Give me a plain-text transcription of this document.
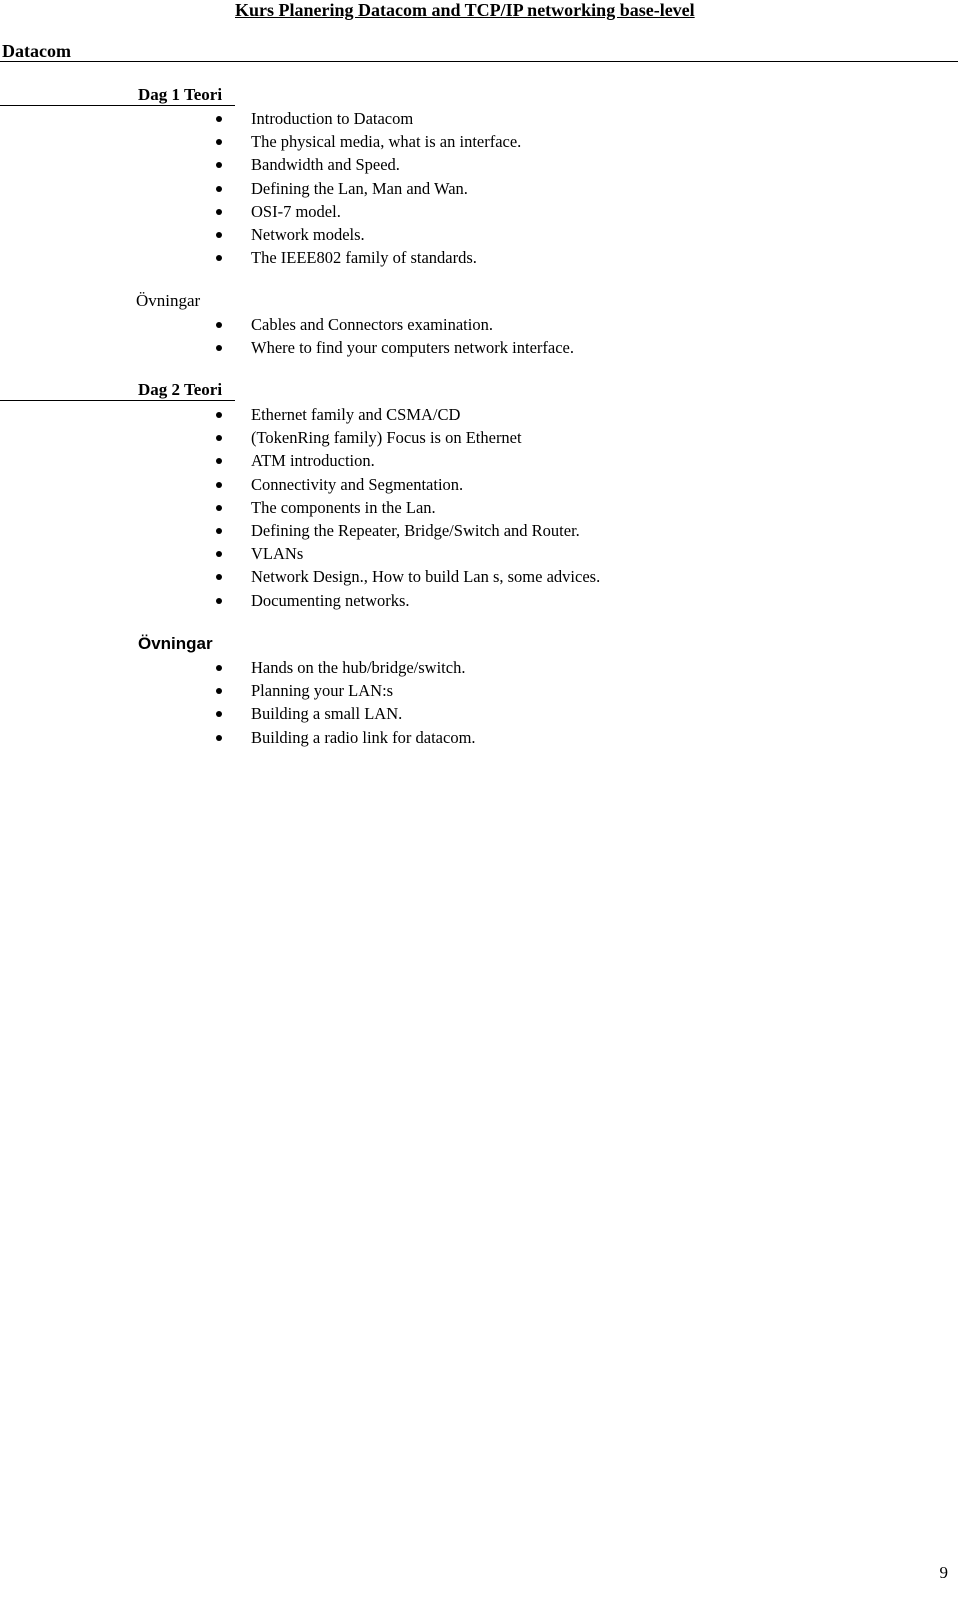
Kurs Planering Datacom and TCP/IP networking base-level
Datacom
Dag 1 Teori
Introduction to Datacom
The physical media, what is an interface.
Bandwidth and Speed.
Defining the Lan, Man and Wan.
OSI-7 model.
Network models.
The IEEE802 family of standards.
Övningar
Cables and Connectors examination.
Where to find your computers network interface.
Dag 2 Teori
Ethernet family and CSMA/CD
(TokenRing family) Focus is on Ethernet
ATM introduction.
Connectivity and Segmentation.
The components in the Lan.
Defining the Repeater, Bridge/Switch and Router.
VLANs
Network Design., How to build Lan s, some advices.
Documenting networks.
Övningar
Hands on the hub/bridge/switch.
Planning your LAN:s
Building a small LAN.
Building a radio link for datacom.
9
